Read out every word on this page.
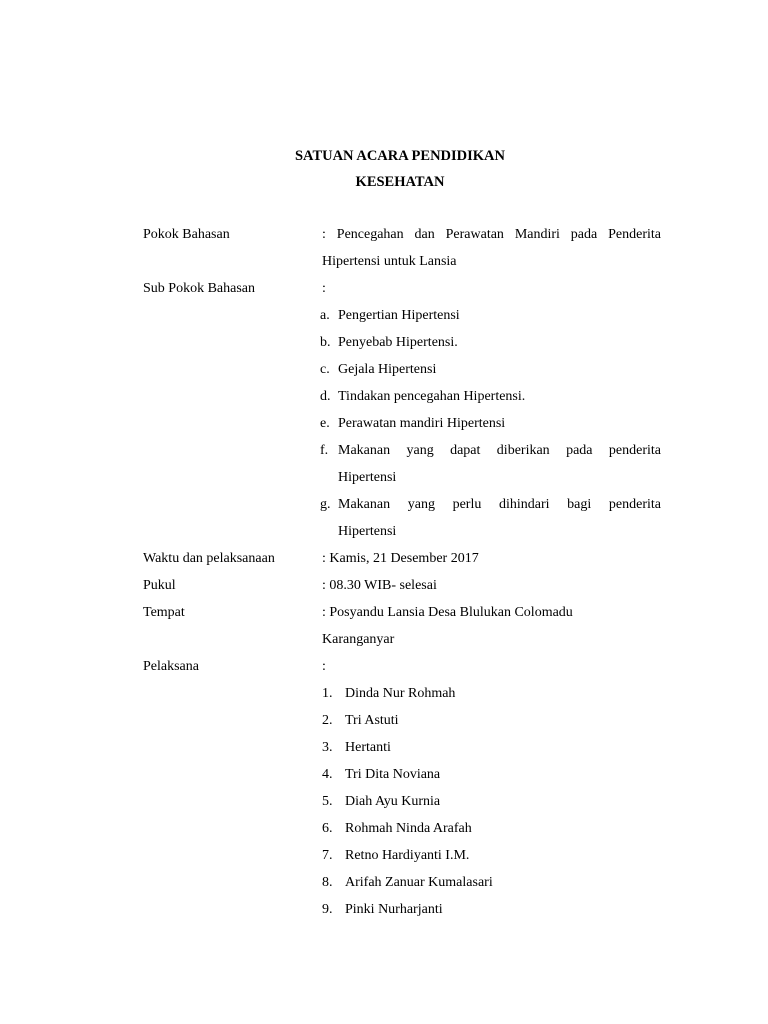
SATUAN ACARA PENDIDIKAN
KESEHATAN
Pokok Bahasan	: Pencegahan dan Perawatan Mandiri pada Penderita
Hipertensi untuk Lansia
Sub Pokok Bahasan	:
a. Pengertian Hipertensi
b. Penyebab Hipertensi.
c. Gejala Hipertensi
d. Tindakan pencegahan Hipertensi.
e. Perawatan mandiri Hipertensi
f. Makanan yang dapat diberikan pada penderita
Hipertensi
g. Makanan yang perlu dihindari bagi penderita
Hipertensi
Waktu dan pelaksanaan	: Kamis, 21 Desember 2017
Pukul	: 08.30 WIB- selesai
Tempat	: Posyandu Lansia Desa Blulukan Colomadu
Karanganyar
Pelaksana	:
1. Dinda Nur Rohmah
2. Tri Astuti
3. Hertanti
4. Tri Dita Noviana
5. Diah Ayu Kurnia
6. Rohmah Ninda Arafah
7. Retno Hardiyanti I.M.
8. Arifah Zanuar Kumalasari
9. Pinki Nurharjanti
